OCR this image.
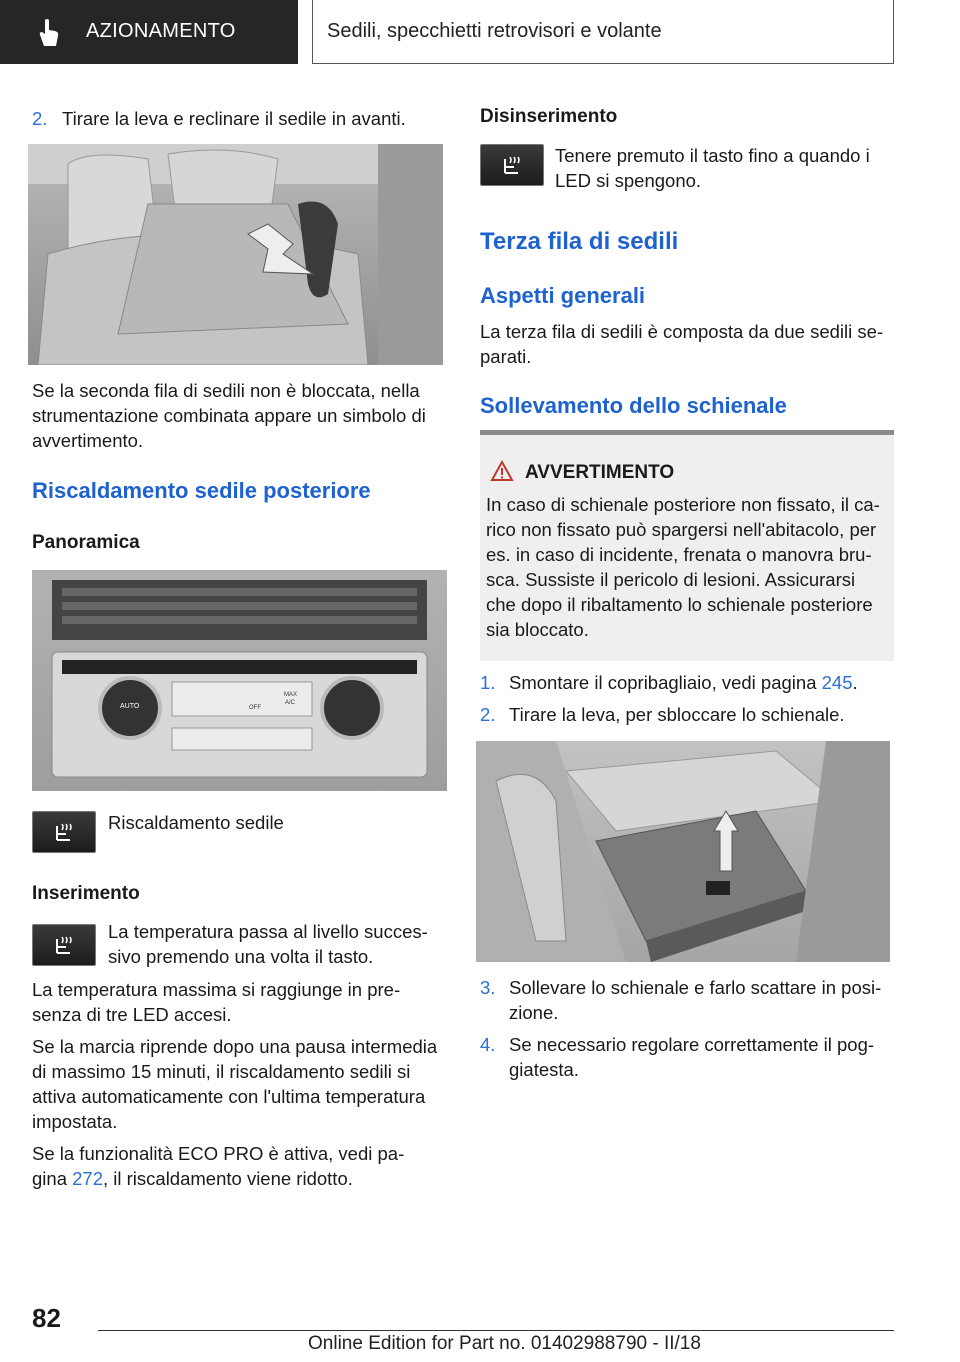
AZIONAMENTO	Sedili, specchietti retrovisori e volante
2. Tirare la leva e reclinare il sedile in avanti.

Se la seconda fila di sedili non è bloccata, nella

strumentazione combinata appare un simbolo di

avvertimento.

Riscaldamento sedile posteriore
Panoramica
AUTO	OFF
MAX
A/C

Riscaldamento sedile

Inserimento

La temperatura passa al livello succes-

sivo premendo una volta il tasto.

La temperatura massima si raggiunge in pre-

senza di tre LED accesi.

Se la marcia riprende dopo una pausa intermedia

di massimo 15 minuti, il riscaldamento sedili si

attiva automaticamente con l'ultima temperatura

impostata.

Se la funzionalità ECO PRO è attiva, vedi pa-

gina 272, il riscaldamento viene ridotto.

Disinserimento

Tenere premuto il tasto fino a quando i

LED si spengono.

Terza fila di sedili
Aspetti generali

La terza fila di sedili è composta da due sedili se-

parati.

Sollevamento dello schienale
AVVERTIMENTO

In caso di schienale posteriore non fissato, il ca-

rico non fissato può spargersi nell'abitacolo, per

es. in caso di incidente, frenata o manovra bru-

sca. Sussiste il pericolo di lesioni. Assicurarsi

che dopo il ribaltamento lo schienale posteriore

sia bloccato.

1. Smontare il copribagliaio, vedi pagina 245.

2. Tirare la leva, per sbloccare lo schienale.

3. Sollevare lo schienale e farlo scattare in posi-

zione.

4. Se necessario regolare correttamente il pog-

giatesta.

82
Online Edition for Part no. 01402988790 - II/18
